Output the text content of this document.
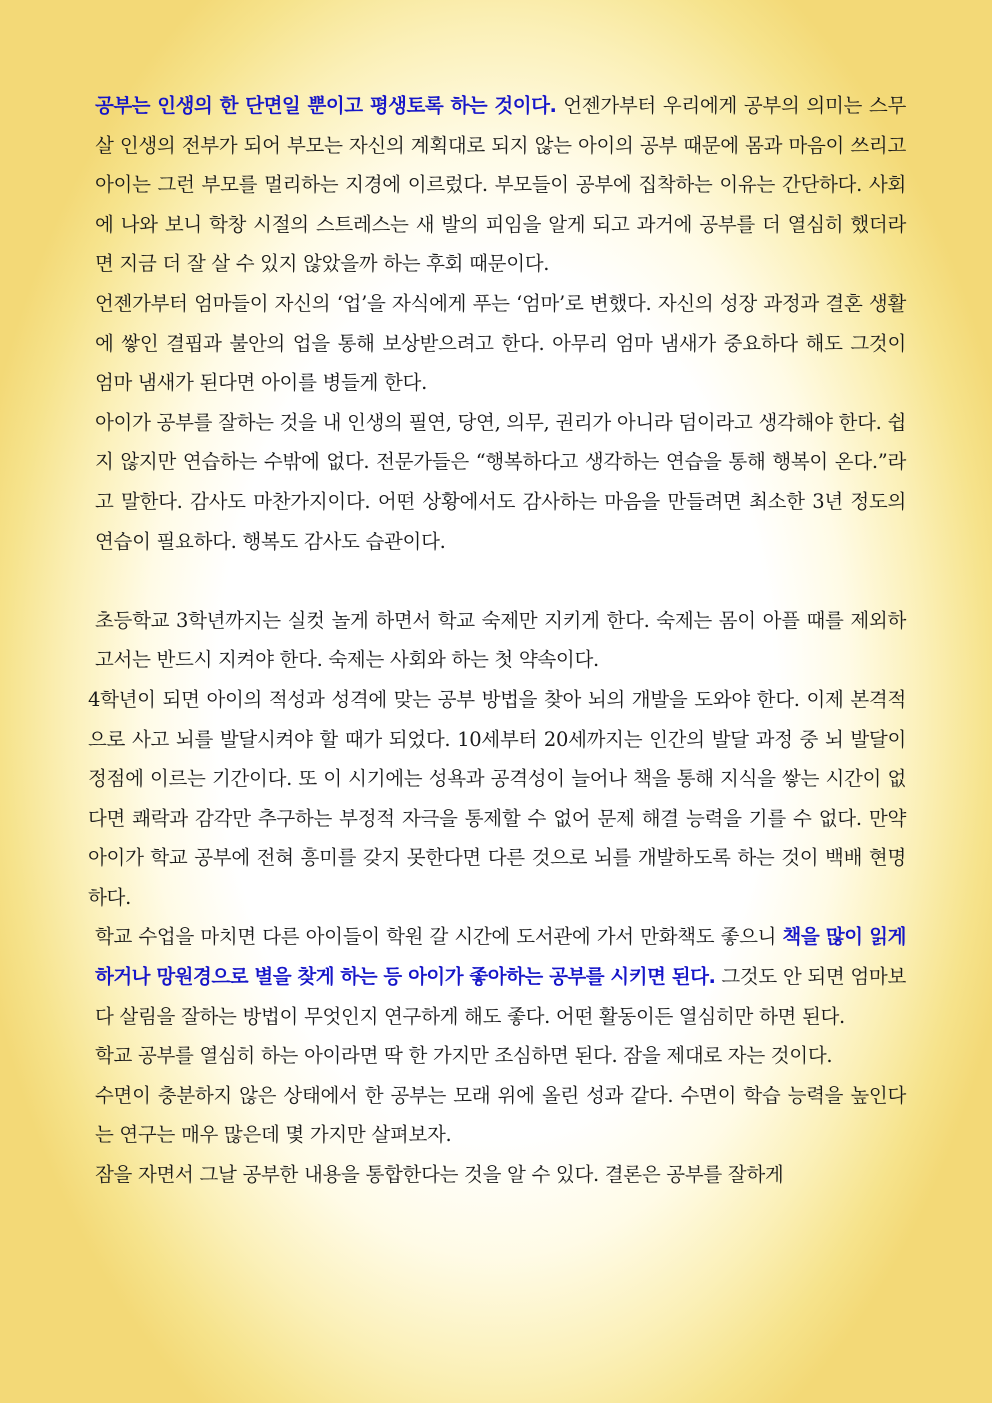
공부는 인생의 한 단면일 뿐이고 평생토록 하는 것이다. 언젠가부터 우리에게 공부의 의미는 스무 살 인생의 전부가 되어 부모는 자신의 계획대로 되지 않는 아이의 공부 때문에 몸과 마음이 쓰리고 아이는 그런 부모를 멀리하는 지경에 이르렀다. 부모들이 공부에 집착하는 이유는 간단하다. 사회에 나와 보니 학창 시절의 스트레스는 새 발의 피임을 알게 되고 과거에 공부를 더 열심히 했더라면 지금 더 잘 살 수 있지 않았을까 하는 후회 때문이다.

언젠가부터 엄마들이 자신의 ‘업’을 자식에게 푸는 ‘엄마’로 변했다. 자신의 성장 과정과 결혼 생활에 쌓인 결핍과 불안의 업을 통해 보상받으려고 한다. 아무리 엄마 냄새가 중요하다 해도 그것이 엄마 냄새가 된다면 아이를 병들게 한다.

아이가 공부를 잘하는 것을 내 인생의 필연, 당연, 의무, 권리가 아니라 덤이라고 생각해야 한다. 쉽지 않지만 연습하는 수밖에 없다. 전문가들은 “행복하다고 생각하는 연습을 통해 행복이 온다.”라고 말한다. 감사도 마찬가지이다. 어떤 상황에서도 감사하는 마음을 만들려면 최소한 3년 정도의 연습이 필요하다. 행복도 감사도 습관이다.

초등학교 3학년까지는 실컷 놀게 하면서 학교 숙제만 지키게 한다. 숙제는 몸이 아플 때를 제외하고서는 반드시 지켜야 한다. 숙제는 사회와 하는 첫 약속이다.

4학년이 되면 아이의 적성과 성격에 맞는 공부 방법을 찾아 뇌의 개발을 도와야 한다. 이제 본격적으로 사고 뇌를 발달시켜야 할 때가 되었다. 10세부터 20세까지는 인간의 발달 과정 중 뇌 발달이 정점에 이르는 기간이다. 또 이 시기에는 성욕과 공격성이 늘어나 책을 통해 지식을 쌓는 시간이 없다면 쾌락과 감각만 추구하는 부정적 자극을 통제할 수 없어 문제 해결 능력을 기를 수 없다. 만약 아이가 학교 공부에 전혀 흥미를 갖지 못한다면 다른 것으로 뇌를 개발하도록 하는 것이 백배 현명하다.

학교 수업을 마치면 다른 아이들이 학원 갈 시간에 도서관에 가서 만화책도 좋으니 책을 많이 읽게 하거나 망원경으로 별을 찾게 하는 등 아이가 좋아하는 공부를 시키면 된다. 그것도 안 되면 엄마보다 살림을 잘하는 방법이 무엇인지 연구하게 해도 좋다. 어떤 활동이든 열심히만 하면 된다.

학교 공부를 열심히 하는 아이라면 딱 한 가지만 조심하면 된다. 잠을 제대로 자는 것이다.

수면이 충분하지 않은 상태에서 한 공부는 모래 위에 올린 성과 같다. 수면이 학습 능력을 높인다는 연구는 매우 많은데 몇 가지만 살펴보자.

잠을 자면서 그날 공부한 내용을 통합한다는 것을 알 수 있다. 결론은 공부를 잘하게
